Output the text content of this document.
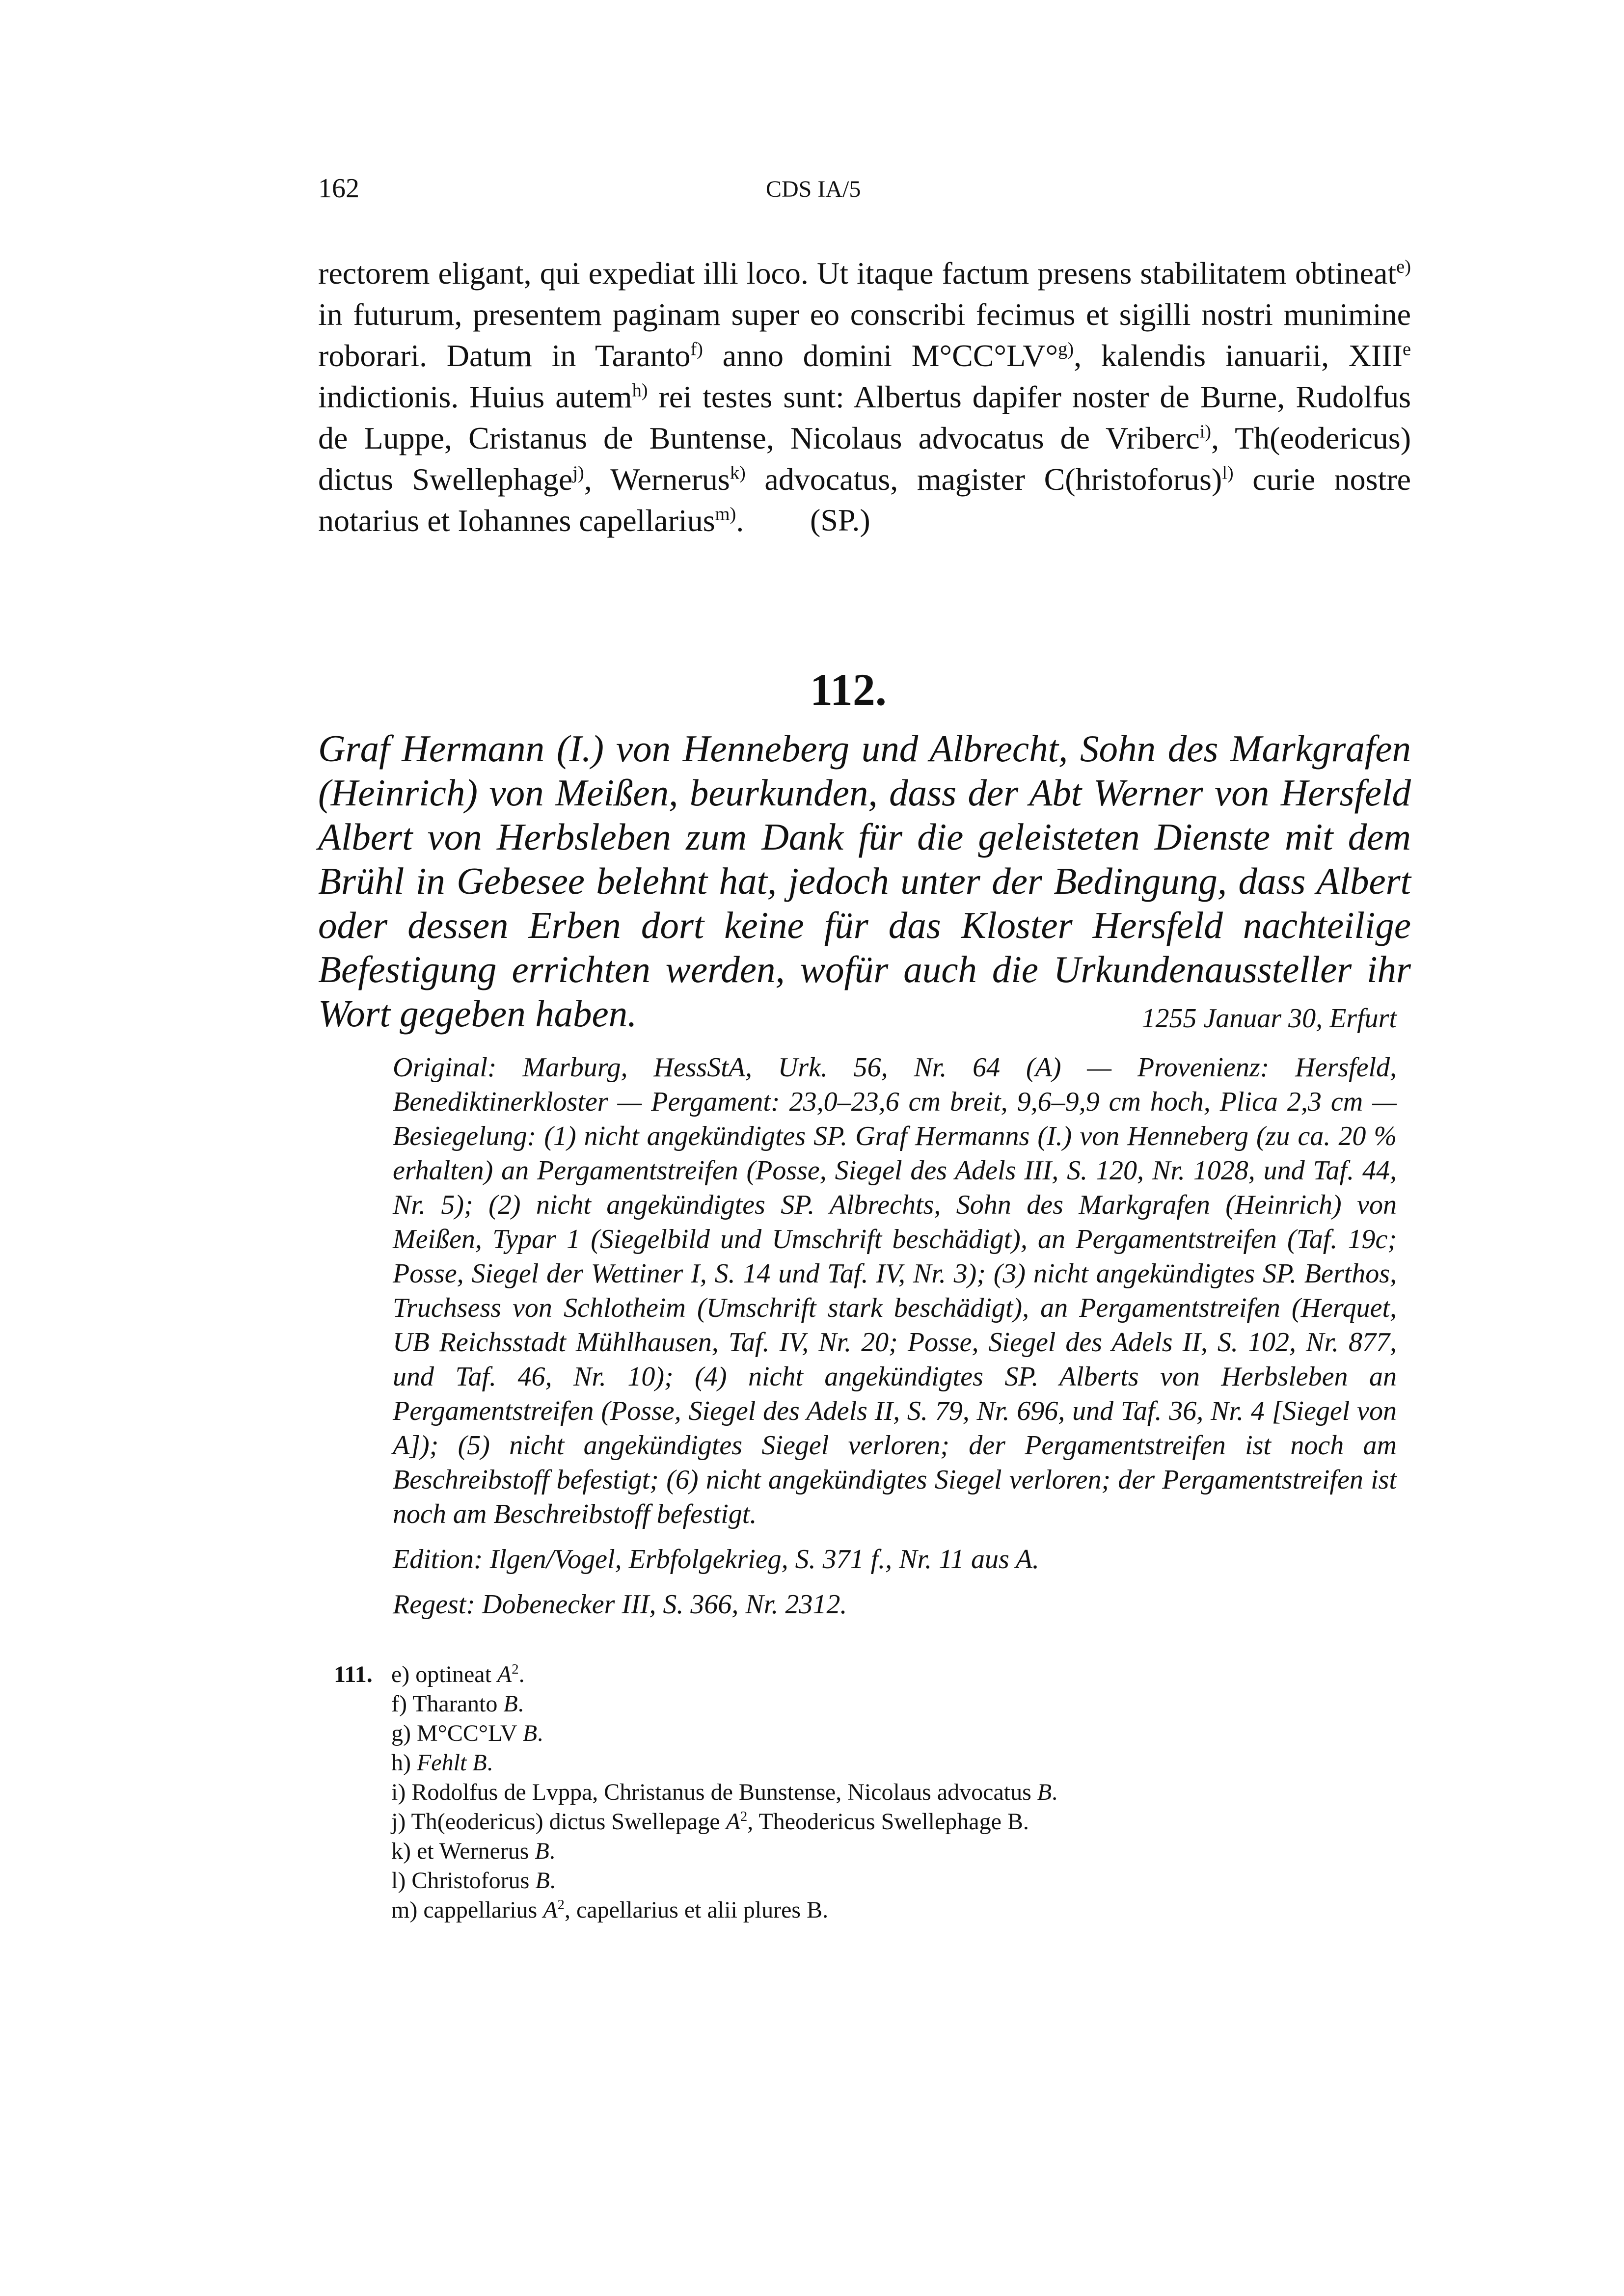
162	CDS IA/5

rectorem eligant, qui expediat illi loco. Ut itaque factum presens stabilitatem obtineat$^{e)}$ in futurum, presentem paginam super eo conscribi fecimus et sigilli nostri munimine roborari. Datum in Taranto$^{f)}$ anno domini M°CC°LV°$^{g)}$, kalendis ianuarii, XIIIe indictionis. Huius autem$^{h)}$ rei testes sunt: Albertus dapifer noster de Burne, Rudolfus de Luppe, Cristanus de Buntense, Nicolaus advocatus de Vriberc$^{i)}$, Th(eodericus) dictus Swellephage$^{j)}$, Wernerus$^{k)}$ advocatus, magister C(hristoforus)$^{l)}$ curie nostre notarius et Iohannes capellarius$^{m)}$.	(SP.)
112.

Graf Hermann (I.) von Henneberg und Albrecht, Sohn des Markgrafen (Heinrich) von Meißen, beurkunden, dass der Abt Werner von Hersfeld Albert von Herbsleben zum Dank für die geleisteten Dienste mit dem Brühl in Gebesee belehnt hat, jedoch unter der Bedingung, dass Albert oder dessen Erben dort keine für das Kloster Hersfeld nachteilige Befestigung errichten werden, wofür auch die Urkundenaussteller ihr Wort gegeben haben.	1255 Januar 30, Erfurt

Original: Marburg, HessStA, Urk. 56, Nr. 64 (A) — Provenienz: Hersfeld, Benediktinerkloster — Pergament: 23,0–23,6 cm breit, 9,6–9,9 cm hoch, Plica 2,3 cm — Besiegelung: (1) nicht angekündigtes SP. Graf Hermanns (I.) von Henneberg (zu ca. 20 % erhalten) an Pergamentstreifen (Posse, Siegel des Adels III, S. 120, Nr. 1028, und Taf. 44, Nr. 5); (2) nicht angekündigtes SP. Albrechts, Sohn des Markgrafen (Heinrich) von Meißen, Typar 1 (Siegelbild und Umschrift beschädigt), an Pergamentstreifen (Taf. 19c; Posse, Siegel der Wettiner I, S. 14 und Taf. IV, Nr. 3); (3) nicht angekündigtes SP. Berthos, Truchsess von Schlotheim (Umschrift stark beschädigt), an Pergamentstreifen (Herquet, UB Reichsstadt Mühlhausen, Taf. IV, Nr. 20; Posse, Siegel des Adels II, S. 102, Nr. 877, und Taf. 46, Nr. 10); (4) nicht angekündigtes SP. Alberts von Herbsleben an Pergamentstreifen (Posse, Siegel des Adels II, S. 79, Nr. 696, und Taf. 36, Nr. 4 [Siegel von A]); (5) nicht angekündigtes Siegel verloren; der Pergamentstreifen ist noch am Beschreibstoff befestigt; (6) nicht angekündigtes Siegel verloren; der Pergamentstreifen ist noch am Beschreibstoff befestigt.

Edition: Ilgen/Vogel, Erbfolgekrieg, S. 371 f., Nr. 11 aus A.

Regest: Dobenecker III, S. 366, Nr. 2312.

111. e) optineat $A^2$.
f) Tharanto B.
g) M°CC°LV B.
h) Fehlt B.
i) Rodolfus de Lvppa, Christanus de Bunstense, Nicolaus advocatus B.
j) Th(eodericus) dictus Swellepage $A^2$, Theodericus Swellephage B.
k) et Wernerus B.
l) Christoforus B.
m) cappellarius $A^2$, capellarius et alii plures B.
